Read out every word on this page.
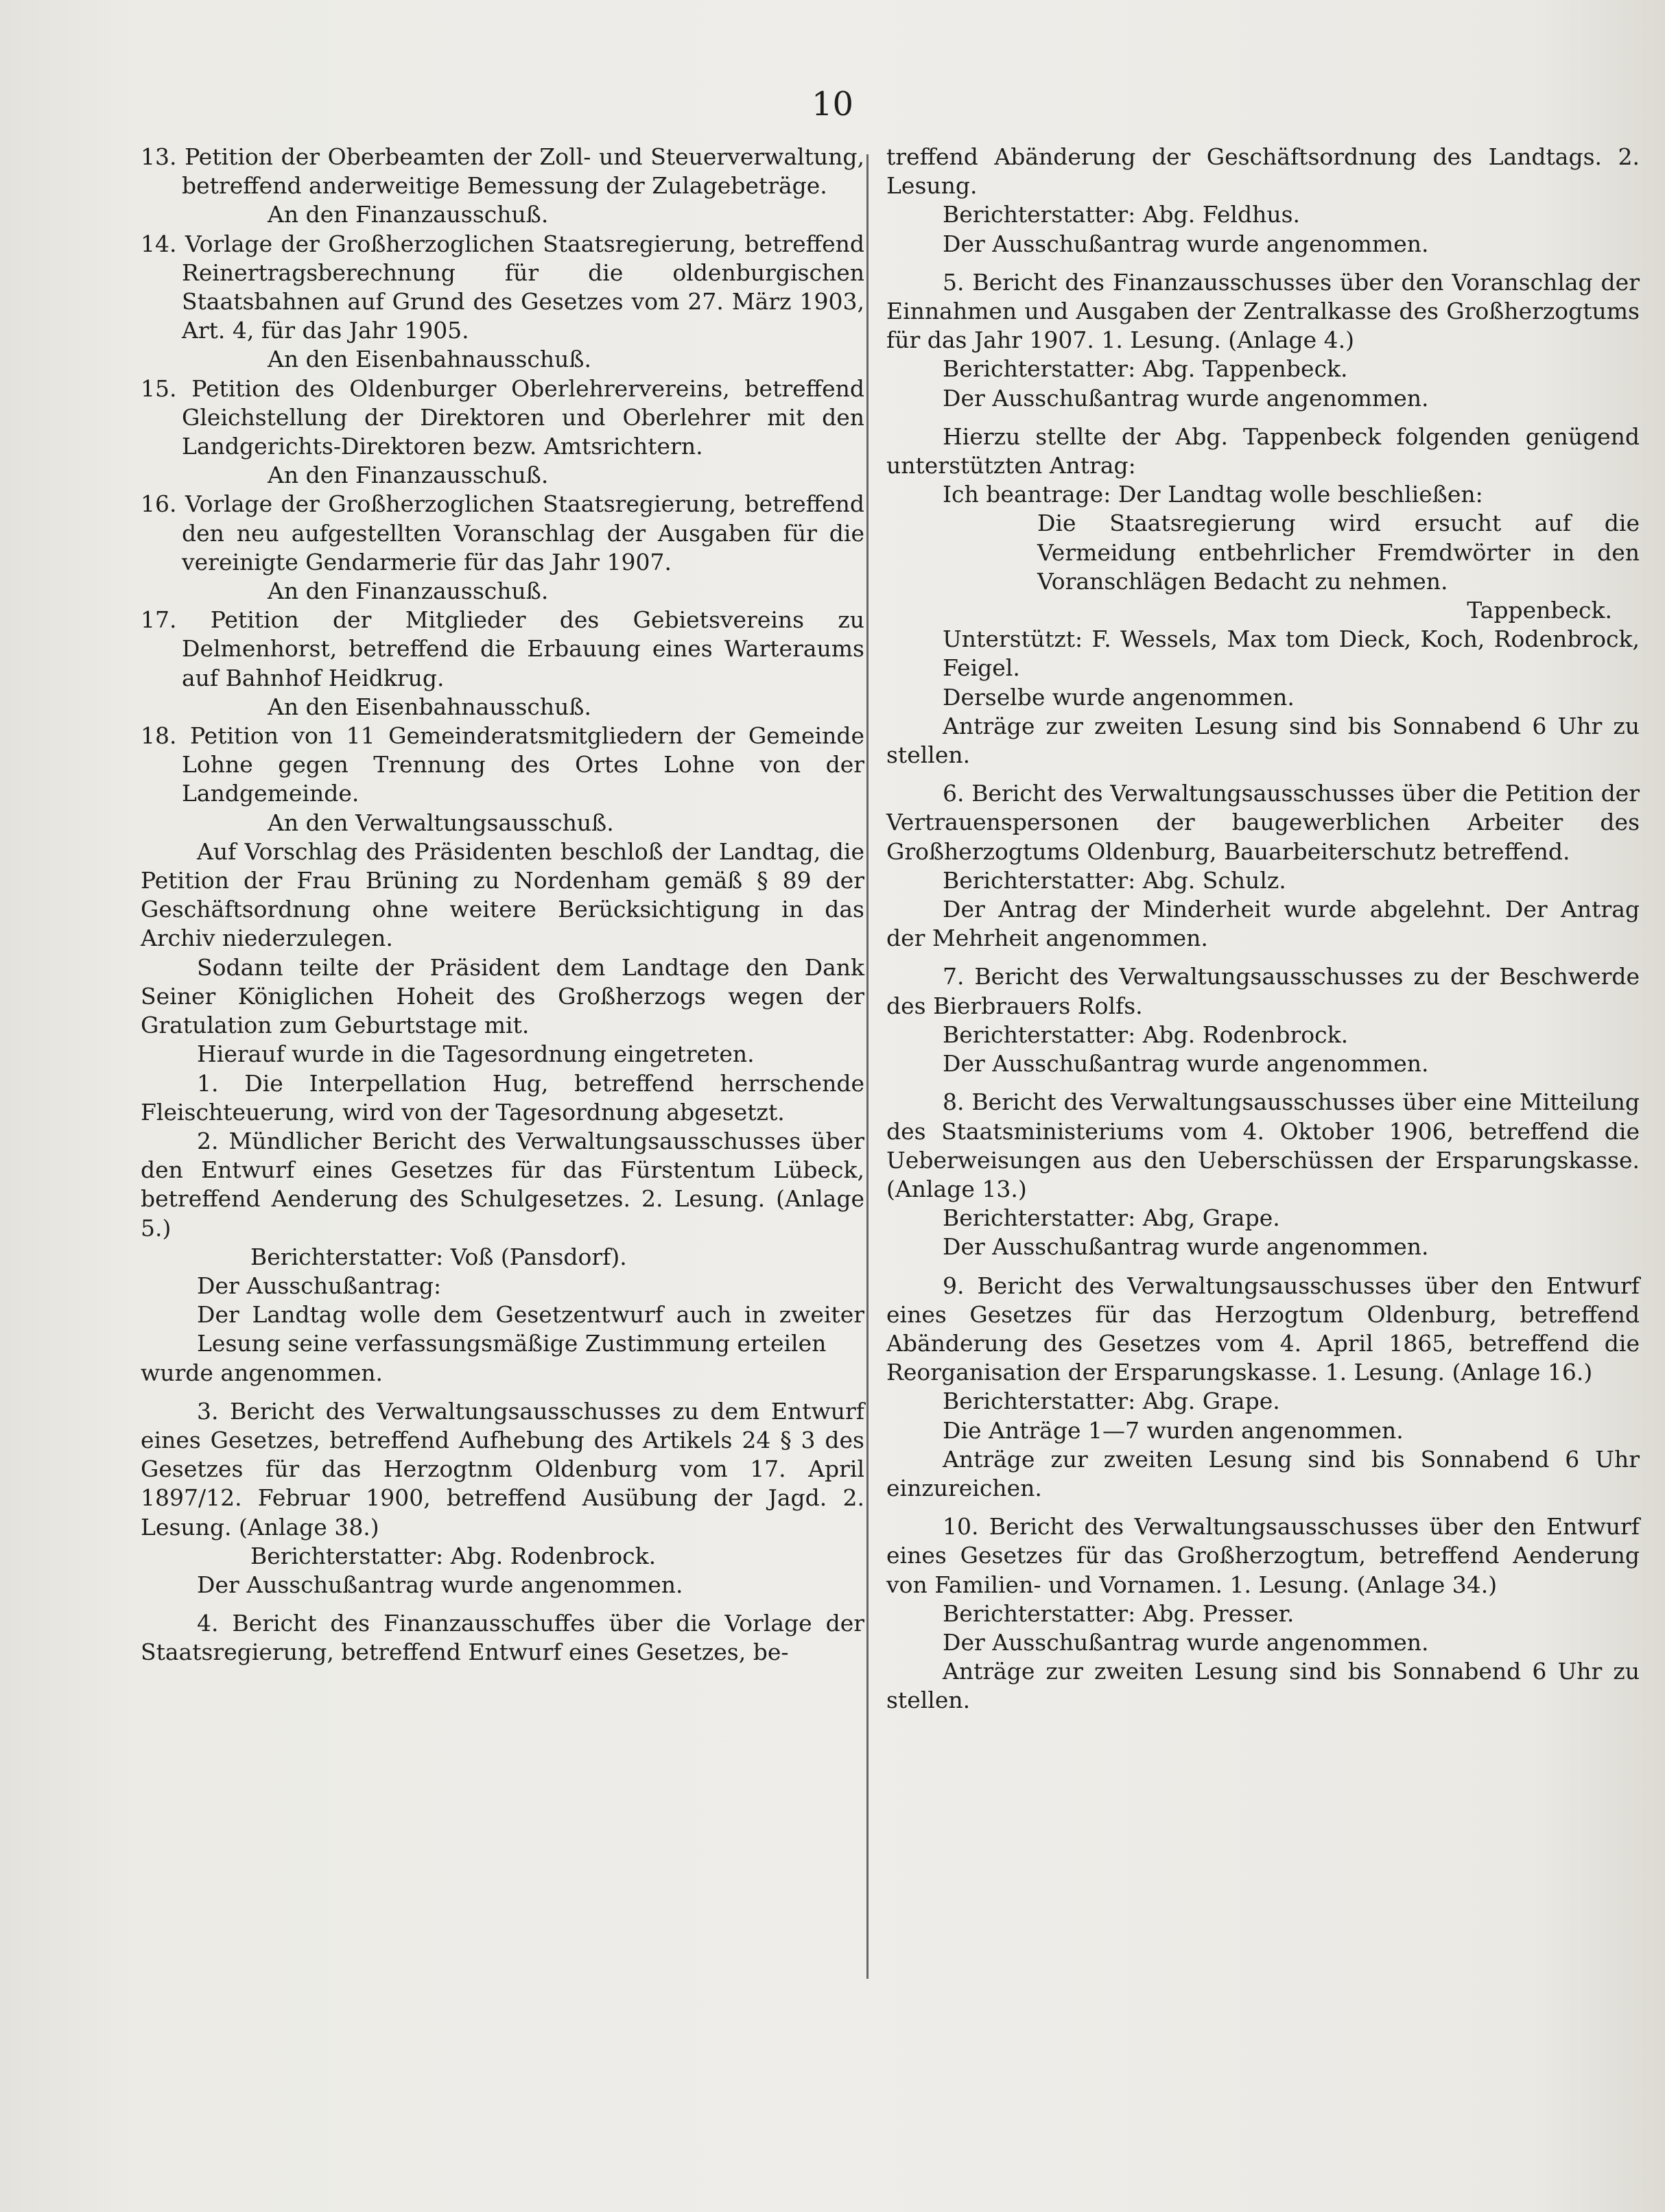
10

13. Petition der Oberbeamten der Zoll- und Steuerverwaltung, betreffend anderweitige Bemessung der Zulagebeträge.

An den Finanzausschuß.

14. Vorlage der Großherzoglichen Staatsregierung, betreffend Reinertragsberechnung für die oldenburgischen Staatsbahnen auf Grund des Gesetzes vom 27. März 1903, Art. 4, für das Jahr 1905.

An den Eisenbahnausschuß.

15. Petition des Oldenburger Oberlehrervereins, betreffend Gleichstellung der Direktoren und Oberlehrer mit den Landgerichts-Direktoren bezw. Amtsrichtern.

An den Finanzausschuß.

16. Vorlage der Großherzoglichen Staatsregierung, betreffend den neu aufgestellten Voranschlag der Ausgaben für die vereinigte Gendarmerie für das Jahr 1907.

An den Finanzausschuß.

17. Petition der Mitglieder des Gebietsvereins zu Delmenhorst, betreffend die Erbauung eines Warteraums auf Bahnhof Heidkrug.

An den Eisenbahnausschuß.

18. Petition von 11 Gemeinderatsmitgliedern der Gemeinde Lohne gegen Trennung des Ortes Lohne von der Landgemeinde.

An den Verwaltungsausschuß.

Auf Vorschlag des Präsidenten beschloß der Landtag, die Petition der Frau Brüning zu Nordenham gemäß § 89 der Geschäftsordnung ohne weitere Berücksichtigung in das Archiv niederzulegen.

Sodann teilte der Präsident dem Landtage den Dank Seiner Königlichen Hoheit des Großherzogs wegen der Gratulation zum Geburtstage mit.

Hierauf wurde in die Tagesordnung eingetreten.

1. Die Interpellation Hug, betreffend herrschende Fleischteuerung, wird von der Tagesordnung abgesetzt.

2. Mündlicher Bericht des Verwaltungsausschusses über den Entwurf eines Gesetzes für das Fürstentum Lübeck, betreffend Aenderung des Schulgesetzes. 2. Lesung. (Anlage 5.)

Berichterstatter: Voß (Pansdorf).

Der Ausschußantrag:

Der Landtag wolle dem Gesetzentwurf auch in zweiter Lesung seine verfassungsmäßige Zustimmung erteilen

wurde angenommen.

3. Bericht des Verwaltungsausschusses zu dem Entwurf eines Gesetzes, betreffend Aufhebung des Artikels 24 § 3 des Gesetzes für das Herzogtnm Oldenburg vom 17. April 1897/12. Februar 1900, betreffend Ausübung der Jagd. 2. Lesung. (Anlage 38.)

Berichterstatter: Abg. Rodenbrock.

Der Ausschußantrag wurde angenommen.

4. Bericht des Finanzausschuffes über die Vorlage der Staatsregierung, betreffend Entwurf eines Gesetzes, be-

treffend Abänderung der Geschäftsordnung des Landtags. 2. Lesung.

Berichterstatter: Abg. Feldhus.

Der Ausschußantrag wurde angenommen.

5. Bericht des Finanzausschusses über den Voranschlag der Einnahmen und Ausgaben der Zentralkasse des Großherzogtums für das Jahr 1907. 1. Lesung. (Anlage 4.)

Berichterstatter: Abg. Tappenbeck.

Der Ausschußantrag wurde angenommen.

Hierzu stellte der Abg. Tappenbeck folgenden genügend unterstützten Antrag:

Ich beantrage: Der Landtag wolle beschließen:

Die Staatsregierung wird ersucht auf die Vermeidung entbehrlicher Fremdwörter in den Voranschlägen Bedacht zu nehmen.

Tappenbeck.

Unterstützt: F. Wessels, Max tom Dieck, Koch, Rodenbrock, Feigel.

Derselbe wurde angenommen.

Anträge zur zweiten Lesung sind bis Sonnabend 6 Uhr zu stellen.

6. Bericht des Verwaltungsausschusses über die Petition der Vertrauenspersonen der baugewerblichen Arbeiter des Großherzogtums Oldenburg, Bauarbeiterschutz betreffend.

Berichterstatter: Abg. Schulz.

Der Antrag der Minderheit wurde abgelehnt. Der Antrag der Mehrheit angenommen.

7. Bericht des Verwaltungsausschusses zu der Beschwerde des Bierbrauers Rolfs.

Berichterstatter: Abg. Rodenbrock.

Der Ausschußantrag wurde angenommen.

8. Bericht des Verwaltungsausschusses über eine Mitteilung des Staatsministeriums vom 4. Oktober 1906, betreffend die Ueberweisungen aus den Ueberschüssen der Ersparungskasse. (Anlage 13.)

Berichterstatter: Abg, Grape.

Der Ausschußantrag wurde angenommen.

9. Bericht des Verwaltungsausschusses über den Entwurf eines Gesetzes für das Herzogtum Oldenburg, betreffend Abänderung des Gesetzes vom 4. April 1865, betreffend die Reorganisation der Ersparungskasse. 1. Lesung. (Anlage 16.)

Berichterstatter: Abg. Grape.

Die Anträge 1—7 wurden angenommen.

Anträge zur zweiten Lesung sind bis Sonnabend 6 Uhr einzureichen.

10. Bericht des Verwaltungsausschusses über den Entwurf eines Gesetzes für das Großherzogtum, betreffend Aenderung von Familien- und Vornamen. 1. Lesung. (Anlage 34.)

Berichterstatter: Abg. Presser.

Der Ausschußantrag wurde angenommen.

Anträge zur zweiten Lesung sind bis Sonnabend 6 Uhr zu stellen.
